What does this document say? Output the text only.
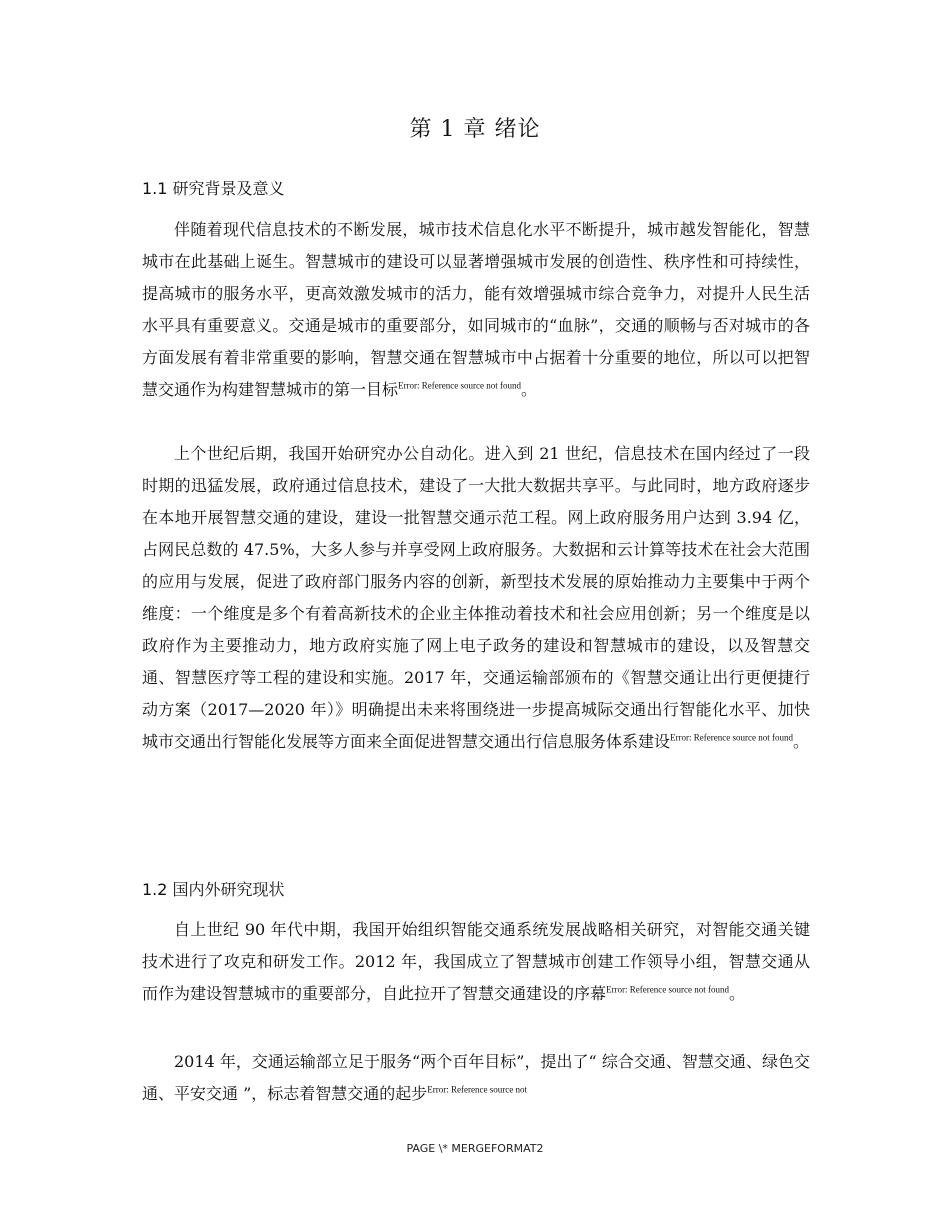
第 1 章 绪论
1.1 研究背景及意义

伴随着现代信息技术的不断发展，城市技术信息化水平不断提升，城市越发智能化，智慧城市在此基础上诞生。智慧城市的建设可以显著增强城市发展的创造性、秩序性和可持续性，提高城市的服务水平，更高效激发城市的活力，能有效增强城市综合竞争力，对提升人民生活水平具有重要意义。交通是城市的重要部分，如同城市的“血脉”，交通的顺畅与否对城市的各方面发展有着非常重要的影响，智慧交通在智慧城市中占据着十分重要的地位，所以可以把智慧交通作为构建智慧城市的第一目标$^{Error: Reference source not found}$。

上个世纪后期，我国开始研究办公自动化。进入到 21 世纪，信息技术在国内经过了一段时期的迅猛发展，政府通过信息技术，建设了一大批大数据共享平。与此同时，地方政府逐步在本地开展智慧交通的建设，建设一批智慧交通示范工程。网上政府服务用户达到 3.94 亿，占网民总数的 47.5%，大多人参与并享受网上政府服务。大数据和云计算等技术在社会大范围的应用与发展，促进了政府部门服务内容的创新，新型技术发展的原始推动力主要集中于两个维度：一个维度是多个有着高新技术的企业主体推动着技术和社会应用创新；另一个维度是以政府作为主要推动力，地方政府实施了网上电子政务的建设和智慧城市的建设，以及智慧交通、智慧医疗等工程的建设和实施。2017 年，交通运输部颁布的《智慧交通让出行更便捷行动方案（2017—2020 年）》明确提出未来将围绕进一步提高城际交通出行智能化水平、加快城市交通出行智能化发展等方面来全面促进智慧交通出行信息服务体系建设$^{Error: Reference source not found}$。

1.2 国内外研究现状

自上世纪 90 年代中期，我国开始组织智能交通系统发展战略相关研究，对智能交通关键技术进行了攻克和研发工作。2012 年，我国成立了智慧城市创建工作领导小组，智慧交通从而作为建设智慧城市的重要部分，自此拉开了智慧交通建设的序幕$^{Error: Reference source not found}$。

2014 年，交通运输部立足于服务“两个百年目标”，提出了“ 综合交通、智慧交通、绿色交通、平安交通 ”，标志着智慧交通的起步$^{Error: Reference source not}$

PAGE \* MERGEFORMAT2
